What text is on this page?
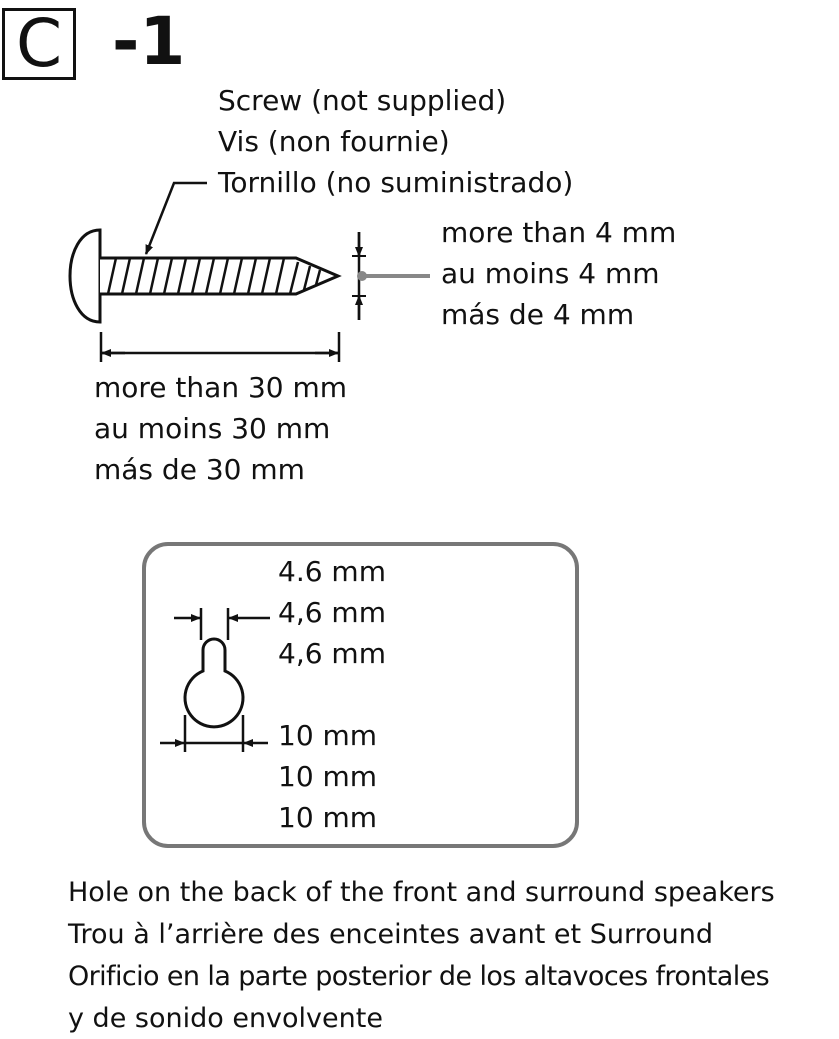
C -1
Screw (not supplied)
Vis (non fournie)
Tornillo (no suministrado)
more than 4 mm
au moins 4 mm
más de 4 mm
more than 30 mm
au moins 30 mm
más de 30 mm
4.6 mm
4,6 mm
4,6 mm
10 mm
10 mm
10 mm
Hole on the back of the front and surround speakers
Trou à l’arrière des enceintes avant et Surround
Orificio en la parte posterior de los altavoces frontales
y de sonido envolvente
